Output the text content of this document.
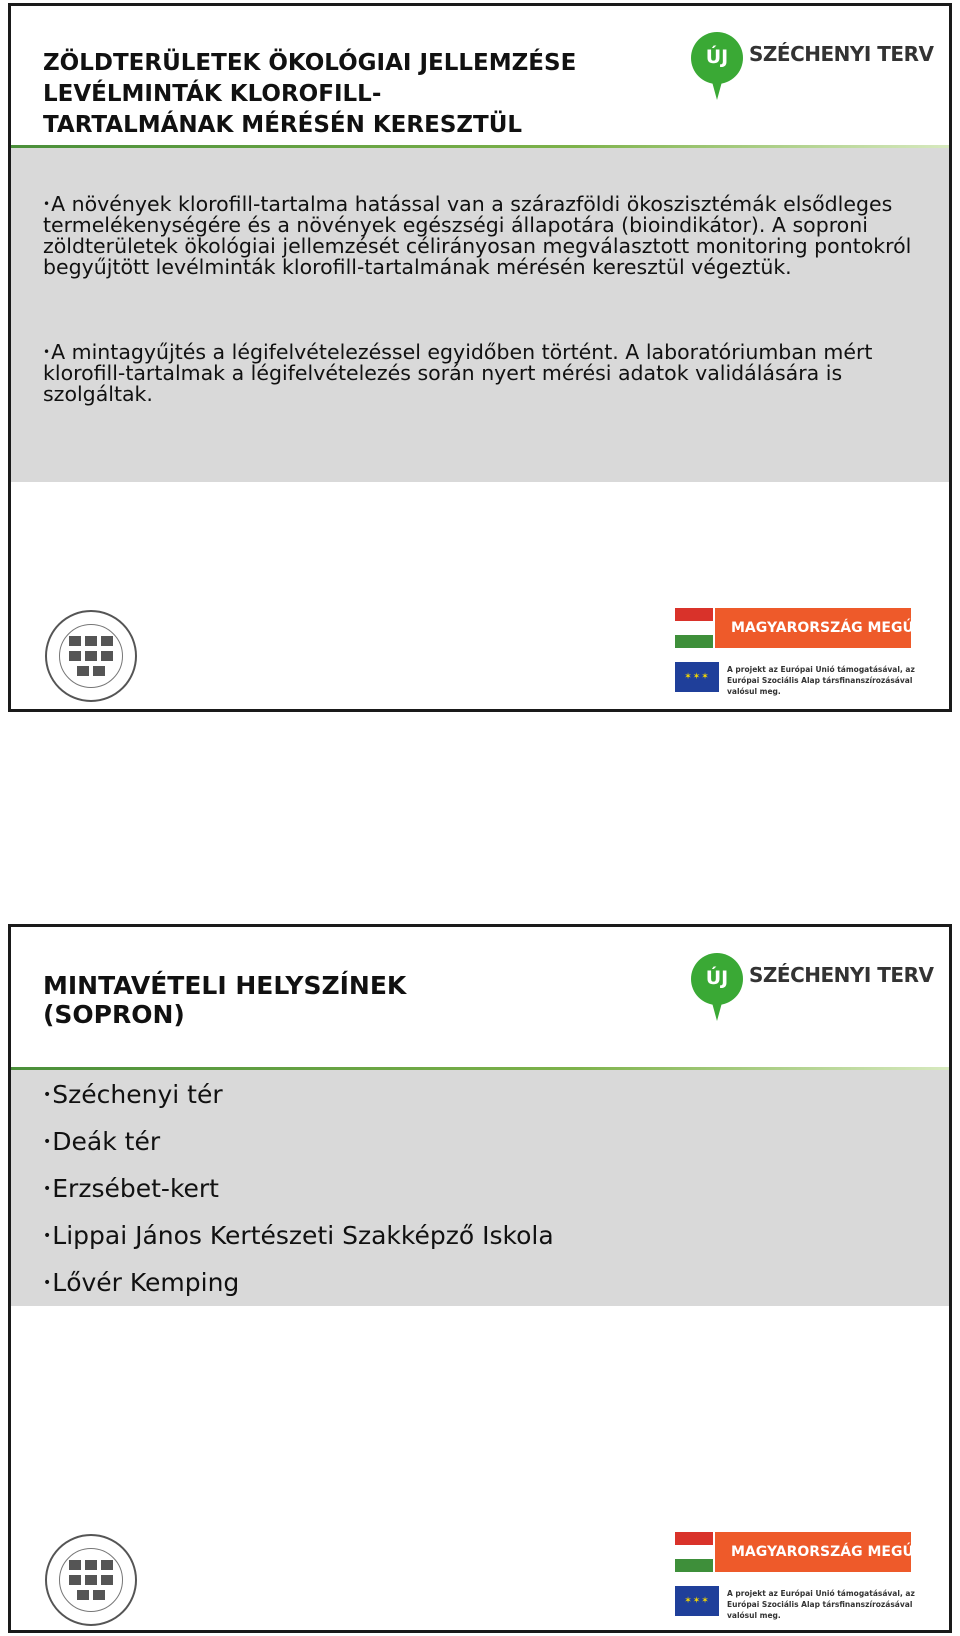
ZÖLDTERÜLETEK ÖKOLÓGIAI JELLEMZÉSE
LEVÉLMINTÁK KLOROFILL-
TARTALMÁNAK MÉRÉSÉN KERESZTÜL
ÚJ	SZÉCHENYI TERV

•A növények klorofill-tartalma hatással van a szárazföldi ökoszisztémák elsődleges termelékenységére és a növények egészségi állapotára (bioindikátor). A soproni zöldterületek ökológiai jellemzését célirányosan megválasztott monitoring pontokról begyűjtött levélminták klorofill-tartalmának mérésén keresztül végeztük.

•A mintagyűjtés a légifelvételezéssel egyidőben történt. A laboratóriumban mért klorofill-tartalmak a légifelvételezés során nyert mérési adatok validálására is szolgáltak.

MAGYARORSZÁG MEGÚJUL
✶✶✶
A projekt az Európai Unió támogatásával, az Európai Szociális Alap társfinanszírozásával valósul meg.
MINTAVÉTELI HELYSZÍNEK
(SOPRON)
ÚJ	SZÉCHENYI TERV
•Széchenyi tér
•Deák tér
•Erzsébet-kert
•Lippai János Kertészeti Szakképző Iskola
•Lővér Kemping
MAGYARORSZÁG MEGÚJUL
✶✶✶
A projekt az Európai Unió támogatásával, az Európai Szociális Alap társfinanszírozásával valósul meg.
